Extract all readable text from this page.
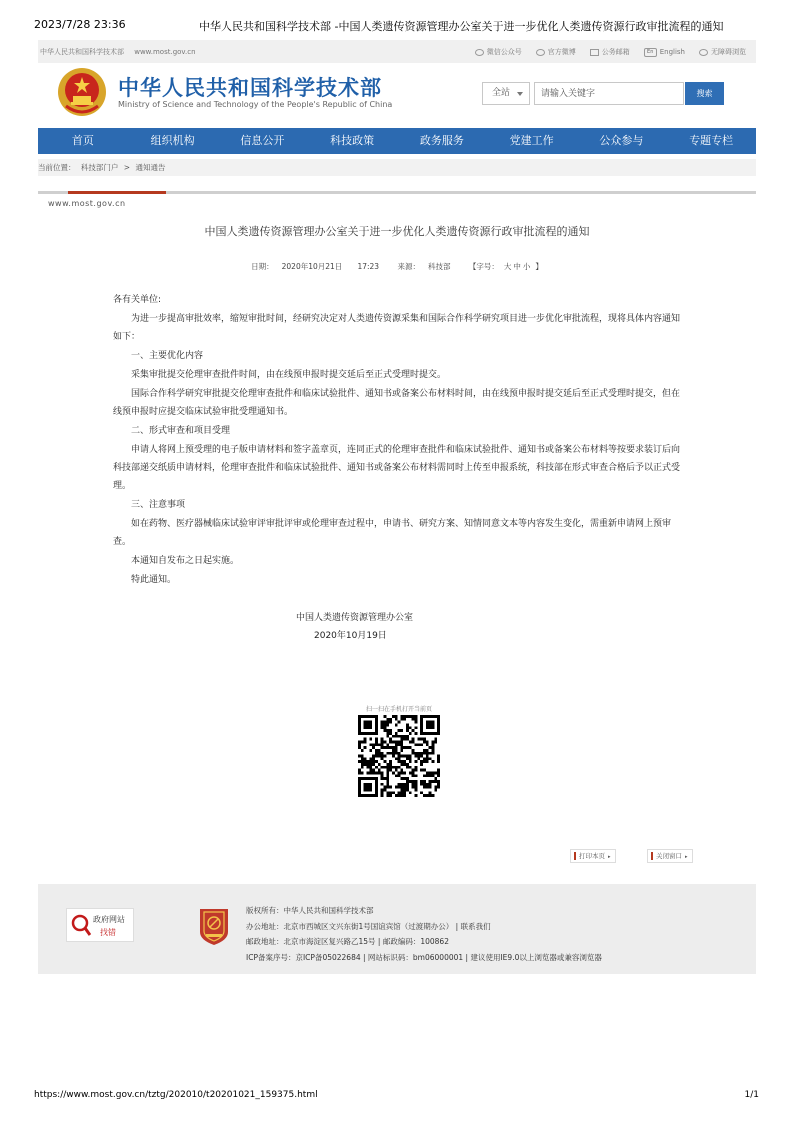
2023/7/28 23:36	中华人民共和国科学技术部 -中国人类遗传资源管理办公室关于进一步优化人类遗传资源行政审批流程的通知
中华人民共和国科学技术部 www.most.gov.cn	微信公众号	官方微博	公务邮箱	En English	无障碍浏览
中华人民共和国科学技术部
Ministry of Science and Technology of the People's Republic of China
全站
请输入关键字	搜索
首页	组织机构	信息公开	科技政策	政务服务	党建工作	公众参与	专题专栏
当前位置： 科技部门户 > 通知通告
www.most.gov.cn
中国人类遗传资源管理办公室关于进一步优化人类遗传资源行政审批流程的通知
日期： 2020年10月21日 17:23 来源： 科技部 【字号： 大 中 小 】

各有关单位:

为进一步提高审批效率，缩短审批时间，经研究决定对人类遗传资源采集和国际合作科学研究项目进一步优化审批流程，现将具体内容通知如下：

一、主要优化内容

采集审批提交伦理审查批件时间，由在线预申报时提交延后至正式受理时提交。

国际合作科学研究审批提交伦理审查批件和临床试验批件、通知书或备案公布材料时间，由在线预申报时提交延后至正式受理时提交，但在线预申报时应提交临床试验审批受理通知书。

二、形式审查和项目受理

申请人将网上预受理的电子版申请材料和签字盖章页，连同正式的伦理审查批件和临床试验批件、通知书或备案公布材料等按要求装订后向科技部递交纸质申请材料，伦理审查批件和临床试验批件、通知书或备案公布材料需同时上传至申报系统，科技部在形式审查合格后予以正式受理。

三、注意事项

如在药物、医疗器械临床试验审评审批评审或伦理审查过程中，申请书、研究方案、知情同意文本等内容发生变化，需重新申请网上预审查。

本通知自发布之日起实施。

特此通知。

中国人类遗传资源管理办公室
2020年10月19日
扫一扫在手机打开当前页
打印本页 ▸	关闭窗口 ▸
政府网站
找错
版权所有：中华人民共和国科学技术部
办公地址：北京市西城区文兴东街1号国谊宾馆（过渡期办公） | 联系我们
邮政地址：北京市海淀区复兴路乙15号 | 邮政编码：100862
ICP备案序号：京ICP备05022684 | 网站标识码：bm06000001 | 建议使用IE9.0以上浏览器或兼容浏览器
https://www.most.gov.cn/tztg/202010/t20201021_159375.html	1/1
